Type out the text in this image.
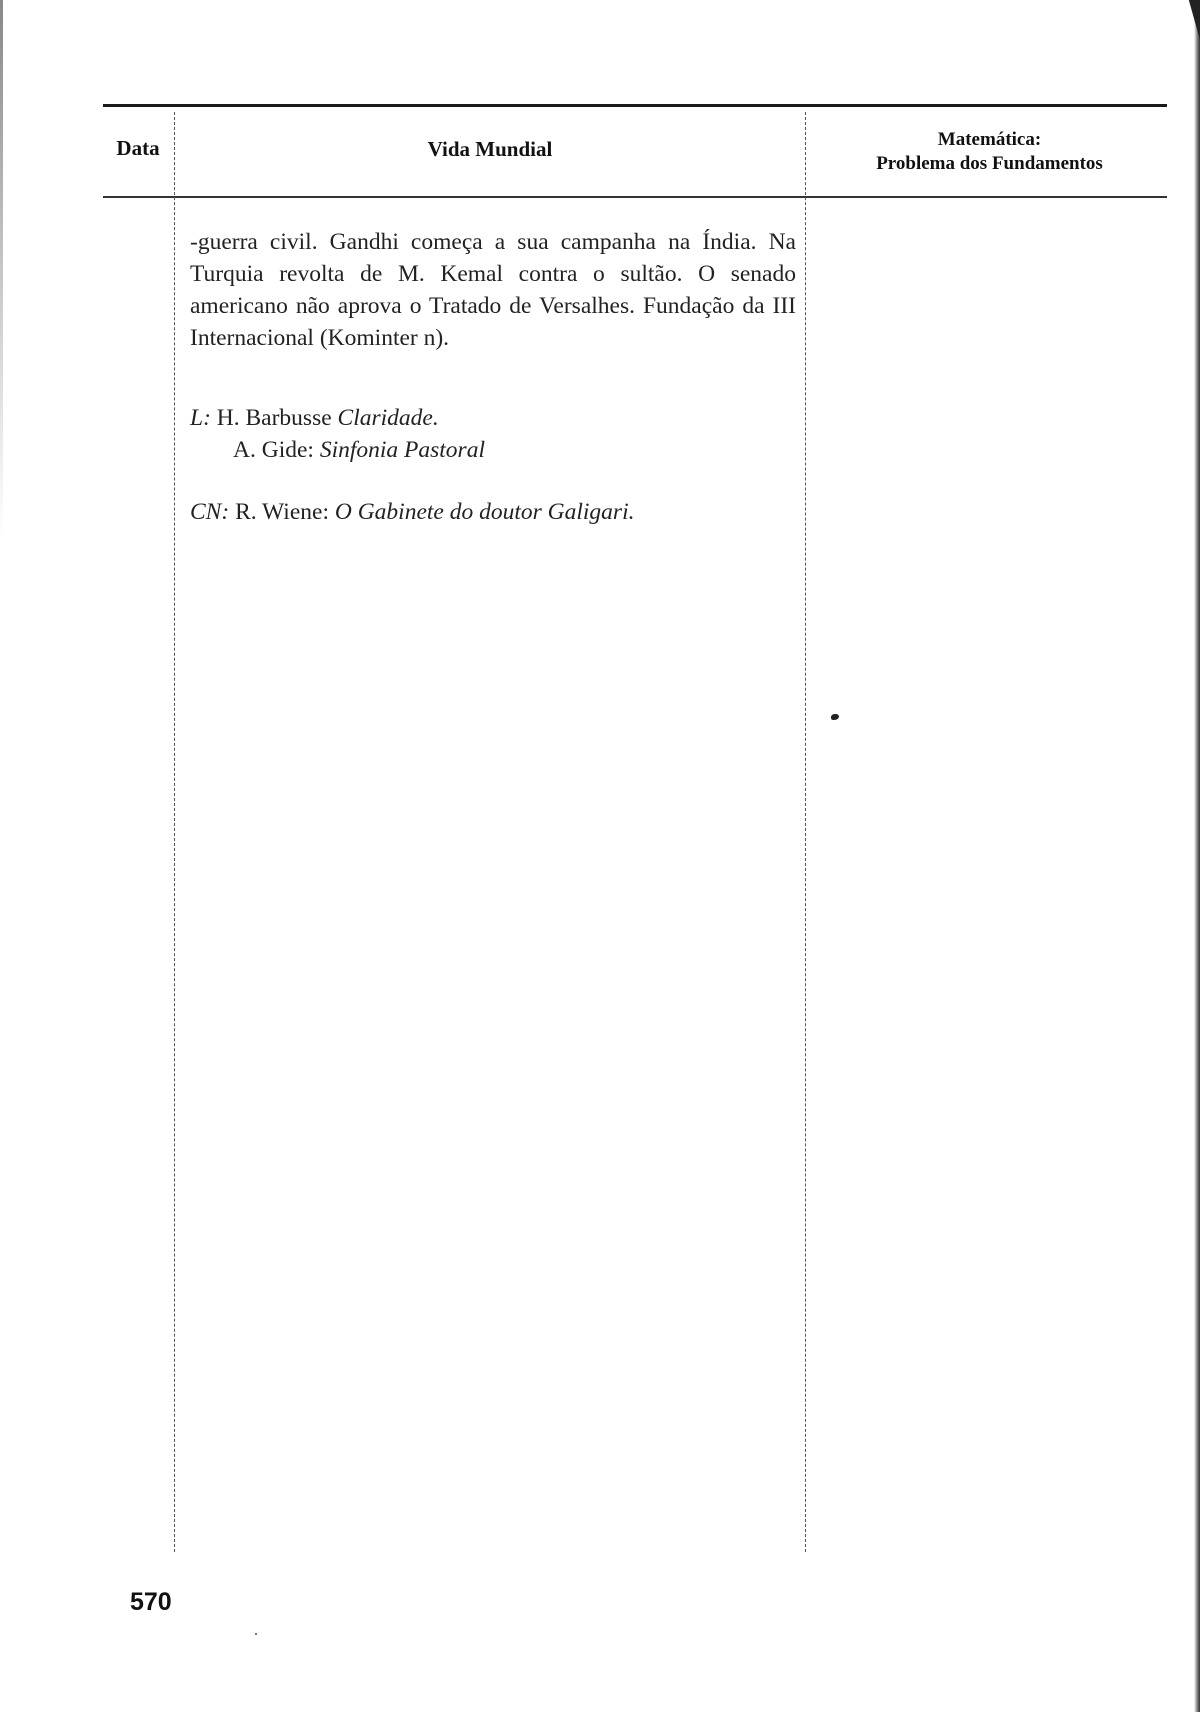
Data	Vida Mundial	Matemática:
Problema dos Fundamentos
-guerra civil. Gandhi começa a sua campanha na Índia. Na Turquia revolta de M. Kemal contra o sultão. O senado americano não aprova o Tratado de Versalhes. Fundação da III Internacional (Kominter n).
L: H. Barbusse Claridade.
A. Gide: Sinfonia Pastoral
CN: R. Wiene: O Gabinete do doutor Galigari.
570
